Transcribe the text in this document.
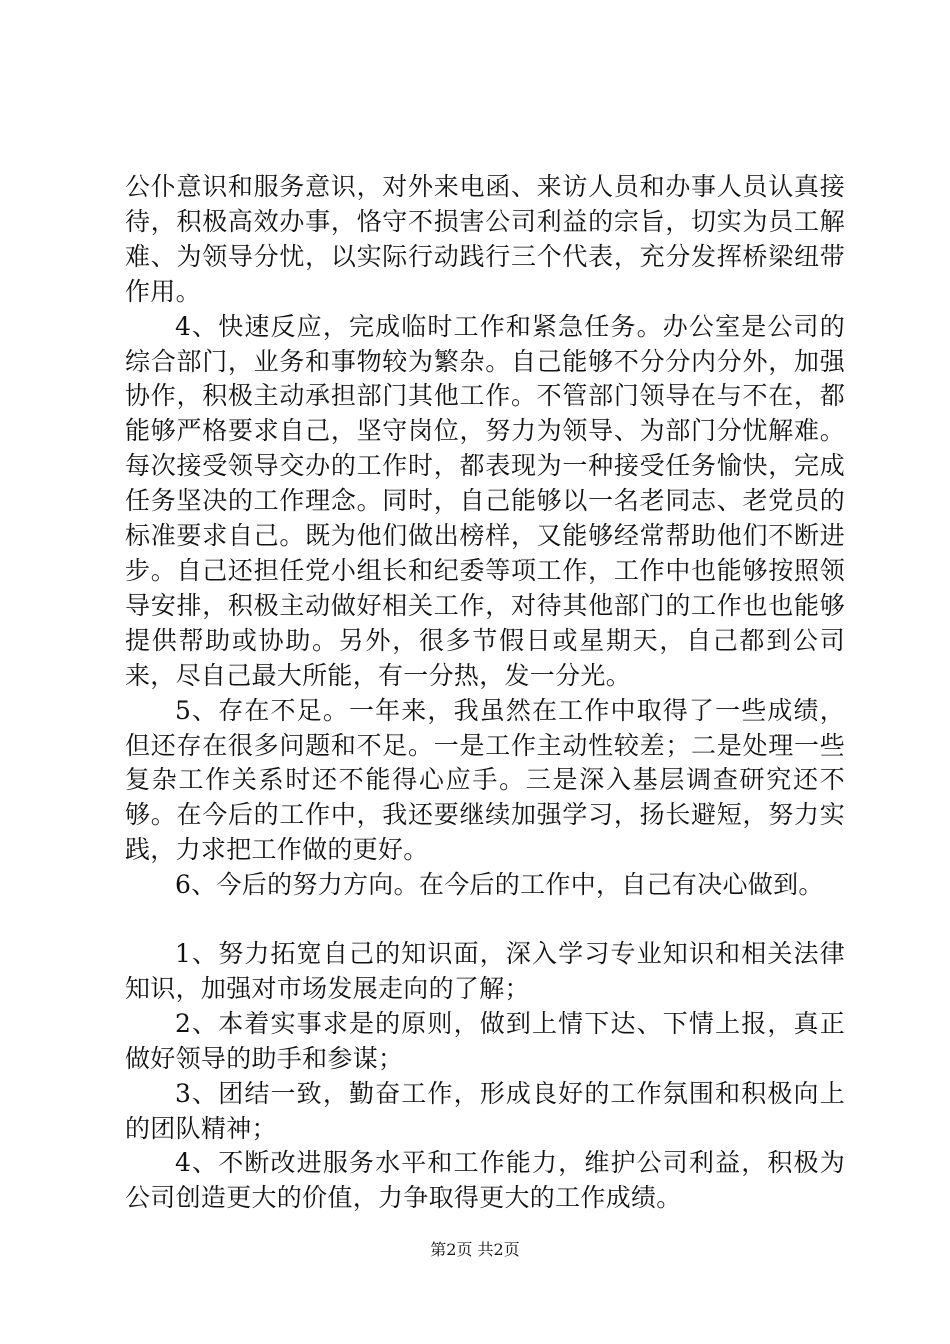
公仆意识和服务意识，对外来电函、来访人员和办事人员认真接待，积极高效办事，恪守不损害公司利益的宗旨，切实为员工解难、为领导分忧，以实际行动践行三个代表，充分发挥桥梁纽带作用。

4、快速反应，完成临时工作和紧急任务。办公室是公司的综合部门，业务和事物较为繁杂。自己能够不分分内分外，加强协作，积极主动承担部门其他工作。不管部门领导在与不在，都能够严格要求自己，坚守岗位，努力为领导、为部门分忧解难。每次接受领导交办的工作时，都表现为一种接受任务愉快，完成任务坚决的工作理念。同时，自己能够以一名老同志、老党员的标准要求自己。既为他们做出榜样，又能够经常帮助他们不断进步。自己还担任党小组长和纪委等项工作，工作中也能够按照领导安排，积极主动做好相关工作，对待其他部门的工作也也能够提供帮助或协助。另外，很多节假日或星期天，自己都到公司来，尽自己最大所能，有一分热，发一分光。

5、存在不足。一年来，我虽然在工作中取得了一些成绩，但还存在很多问题和不足。一是工作主动性较差；二是处理一些复杂工作关系时还不能得心应手。三是深入基层调查研究还不够。在今后的工作中，我还要继续加强学习，扬长避短，努力实践，力求把工作做的更好。

6、今后的努力方向。在今后的工作中，自己有决心做到。

1、努力拓宽自己的知识面，深入学习专业知识和相关法律知识，加强对市场发展走向的了解；

2、本着实事求是的原则，做到上情下达、下情上报，真正做好领导的助手和参谋；

3、团结一致，勤奋工作，形成良好的工作氛围和积极向上的团队精神；

4、不断改进服务水平和工作能力，维护公司利益，积极为公司创造更大的价值，力争取得更大的工作成绩。

第2页 共2页
